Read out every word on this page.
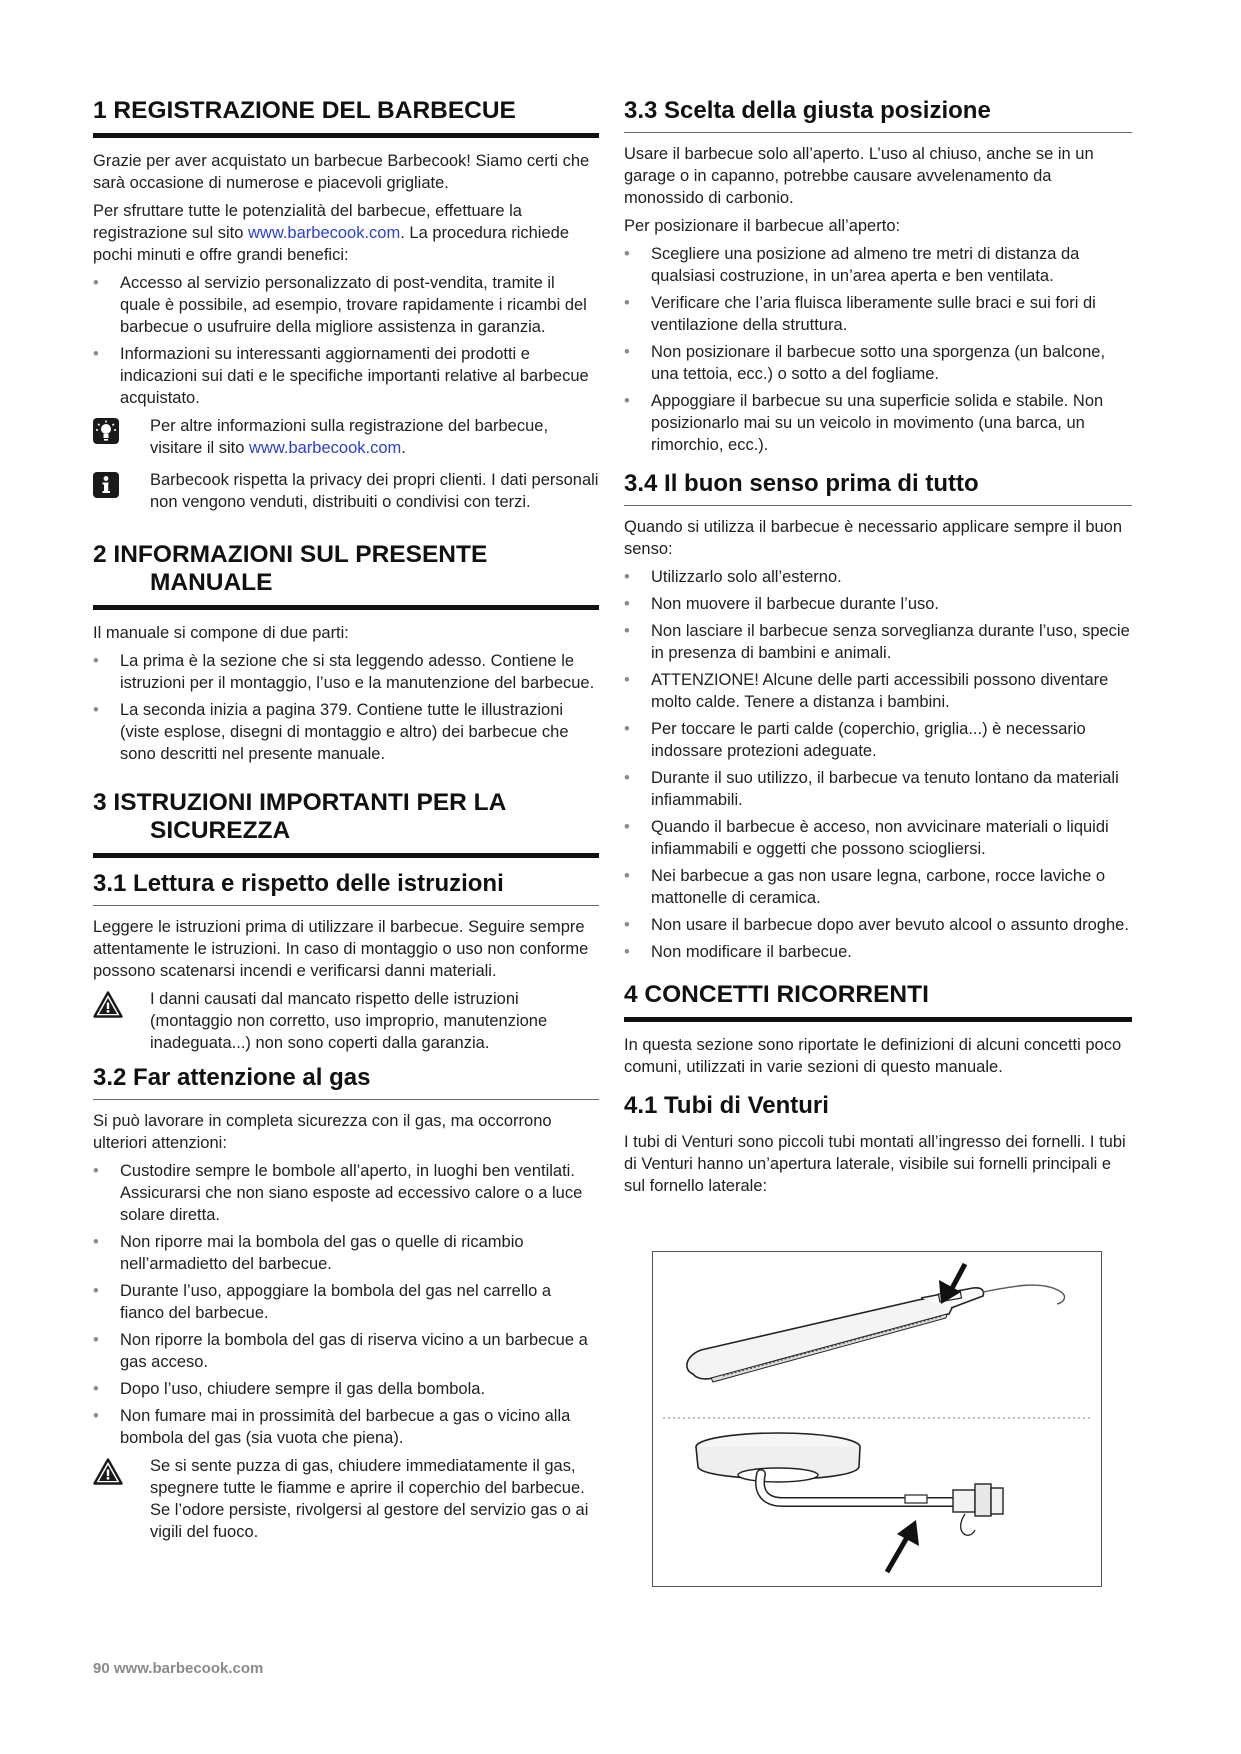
1 REGISTRAZIONE DEL BARBECUE

Grazie per aver acquistato un barbecue Barbecook! Siamo certi che sarà occasione di numerose e piacevoli grigliate.

Per sfruttare tutte le potenzialità del barbecue, effettuare la registrazione sul sito www.barbecook.com. La procedura richiede pochi minuti e offre grandi benefici:

• Accesso al servizio personalizzato di post-vendita, tramite il quale è possibile, ad esempio, trovare rapidamente i ricambi del barbecue o usufruire della migliore assistenza in garanzia.
• Informazioni su interessanti aggiornamenti dei prodotti e indicazioni sui dati e le specifiche importanti relative al barbecue acquistato.
Per altre informazioni sulla registrazione del barbecue, visitare il sito www.barbecook.com.
Barbecook rispetta la privacy dei propri clienti. I dati personali non vengono venduti, distribuiti o condivisi con terzi.
2 INFORMAZIONI SUL PRESENTE
MANUALE

Il manuale si compone di due parti:

• La prima è la sezione che si sta leggendo adesso. Contiene le istruzioni per il montaggio, l’uso e la manutenzione del barbecue.
• La seconda inizia a pagina 379. Contiene tutte le illustrazioni (viste esplose, disegni di montaggio e altro) dei barbecue che sono descritti nel presente manuale.
3 ISTRUZIONI IMPORTANTI PER LA
SICUREZZA
3.1 Lettura e rispetto delle istruzioni

Leggere le istruzioni prima di utilizzare il barbecue. Seguire sempre attentamente le istruzioni. In caso di montaggio o uso non conforme possono scatenarsi incendi e verificarsi danni materiali.

I danni causati dal mancato rispetto delle istruzioni (montaggio non corretto, uso improprio, manutenzione inadeguata...) non sono coperti dalla garanzia.
3.2 Far attenzione al gas

Si può lavorare in completa sicurezza con il gas, ma occorrono ulteriori attenzioni:

• Custodire sempre le bombole all’aperto, in luoghi ben ventilati. Assicurarsi che non siano esposte ad eccessivo calore o a luce solare diretta.
• Non riporre mai la bombola del gas o quelle di ricambio nell’armadietto del barbecue.
• Durante l’uso, appoggiare la bombola del gas nel carrello a fianco del barbecue.
• Non riporre la bombola del gas di riserva vicino a un barbecue a gas acceso.
• Dopo l’uso, chiudere sempre il gas della bombola.
• Non fumare mai in prossimità del barbecue a gas o vicino alla bombola del gas (sia vuota che piena).
Se si sente puzza di gas, chiudere immediatamente il gas, spegnere tutte le fiamme e aprire il coperchio del barbecue. Se l’odore persiste, rivolgersi al gestore del servizio gas o ai vigili del fuoco.
3.3 Scelta della giusta posizione

Usare il barbecue solo all’aperto. L’uso al chiuso, anche se in un garage o in capanno, potrebbe causare avvelenamento da monossido di carbonio.

Per posizionare il barbecue all’aperto:

• Scegliere una posizione ad almeno tre metri di distanza da qualsiasi costruzione, in un’area aperta e ben ventilata.
• Verificare che l’aria fluisca liberamente sulle braci e sui fori di ventilazione della struttura.
• Non posizionare il barbecue sotto una sporgenza (un balcone, una tettoia, ecc.) o sotto a del fogliame.
• Appoggiare il barbecue su una superficie solida e stabile. Non posizionarlo mai su un veicolo in movimento (una barca, un rimorchio, ecc.).
3.4 Il buon senso prima di tutto

Quando si utilizza il barbecue è necessario applicare sempre il buon senso:

• Utilizzarlo solo all’esterno.
• Non muovere il barbecue durante l’uso.
• Non lasciare il barbecue senza sorveglianza durante l’uso, specie in presenza di bambini e animali.
• ATTENZIONE! Alcune delle parti accessibili possono diventare molto calde. Tenere a distanza i bambini.
• Per toccare le parti calde (coperchio, griglia...) è necessario indossare protezioni adeguate.
• Durante il suo utilizzo, il barbecue va tenuto lontano da materiali infiammabili.
• Quando il barbecue è acceso, non avvicinare materiali o liquidi infiammabili e oggetti che possono sciogliersi.
• Nei barbecue a gas non usare legna, carbone, rocce laviche o mattonelle di ceramica.
• Non usare il barbecue dopo aver bevuto alcool o assunto droghe.
• Non modificare il barbecue.
4 CONCETTI RICORRENTI

In questa sezione sono riportate le definizioni di alcuni concetti poco comuni, utilizzati in varie sezioni di questo manuale.

4.1 Tubi di Venturi

I tubi di Venturi sono piccoli tubi montati all’ingresso dei fornelli. I tubi di Venturi hanno un’apertura laterale, visibile sui fornelli principali e sul fornello laterale:

90 www.barbecook.com
